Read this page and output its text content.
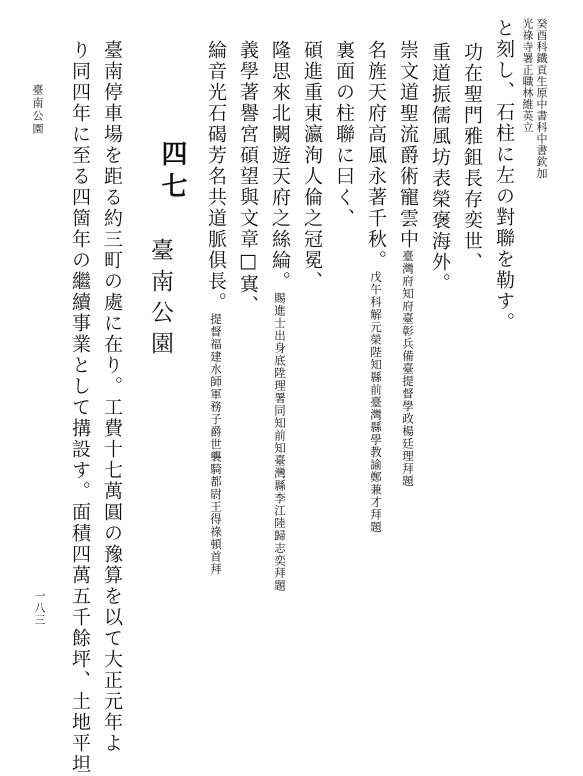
癸酉科鐡貢生原中書科中書欽加
光祿寺署正職林維英立
と刻し、石柱に左の對聯を勒す。
功在聖門雅鉏長存奕世、
重道振儒風坊表榮褒海外。
崇文道聖流爵術寵雲中臺灣府知府臺彰兵備臺提督學政楊廷理拜題
名旌天府高風永著千秋。戊午科解元榮陛知縣前臺灣縣學教諭鄭兼才拜題
裏面の柱聯に曰く、
碩進重東瀛洵人倫之冠冕、
隆思來北闕遊天府之絲綸。賜進士出身底陞理署同知前知臺灣縣李江陸歸志奕拜題
義學著譽宮碩望與文章□寘、
綸音光石碣芳名共道脈俱長。提督福建水師軍務子爵世襲騎都尉王得祿頓首拜
四七
臺南公園
臺南停車場を距る約三町の處に在り。工費十七萬圓の豫算を以て大正元年よ
り同四年に至る四箇年の繼續事業として搆設す。面積四萬五千餘坪、土地平坦
臺南公園
一八三
